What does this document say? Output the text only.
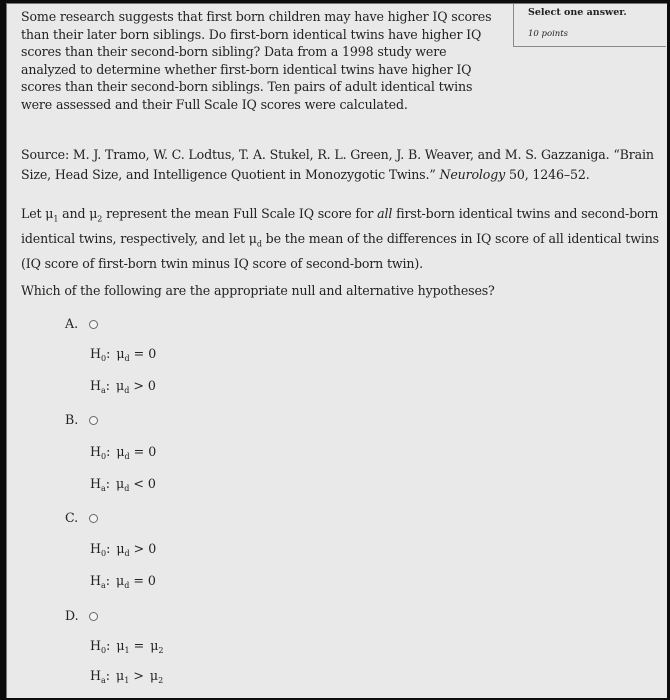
Some research suggests that first born children may have higher IQ scores than their later born siblings. Do first-born identical twins have higher IQ scores than their second-born sibling? Data from a 1998 study were analyzed to determine whether first-born identical twins have higher IQ scores than their second-born siblings. Ten pairs of adult identical twins were assessed and their Full Scale IQ scores were calculated.
Select one answer.
10 points
Source: M. J. Tramo, W. C. Lodtus, T. A. Stukel, R. L. Green, J. B. Weaver, and M. S. Gazzaniga. “Brain Size, Head Size, and Intelligence Quotient in Monozygotic Twins.” Neurology 50, 1246–52.
Let $\mu_1$ and $\mu_2$ represent the mean Full Scale IQ score for all first-born identical twins and second-born identical twins, respectively, and let $\mu_d$ be the mean of the differences in IQ score of all identical twins (IQ score of first-born twin minus IQ score of second-born twin).
Which of the following are the appropriate null and alternative hypotheses?
A.
$H_0$: $\mu_d = 0$
$H_a$: $\mu_d > 0$
B.
$H_0$: $\mu_d = 0$
$H_a$: $\mu_d < 0$
C.
$H_0$: $\mu_d > 0$
$H_a$: $\mu_d = 0$
D.
$H_0$: $\mu_1 = \mu_2$
$H_a$: $\mu_1 > \mu_2$
